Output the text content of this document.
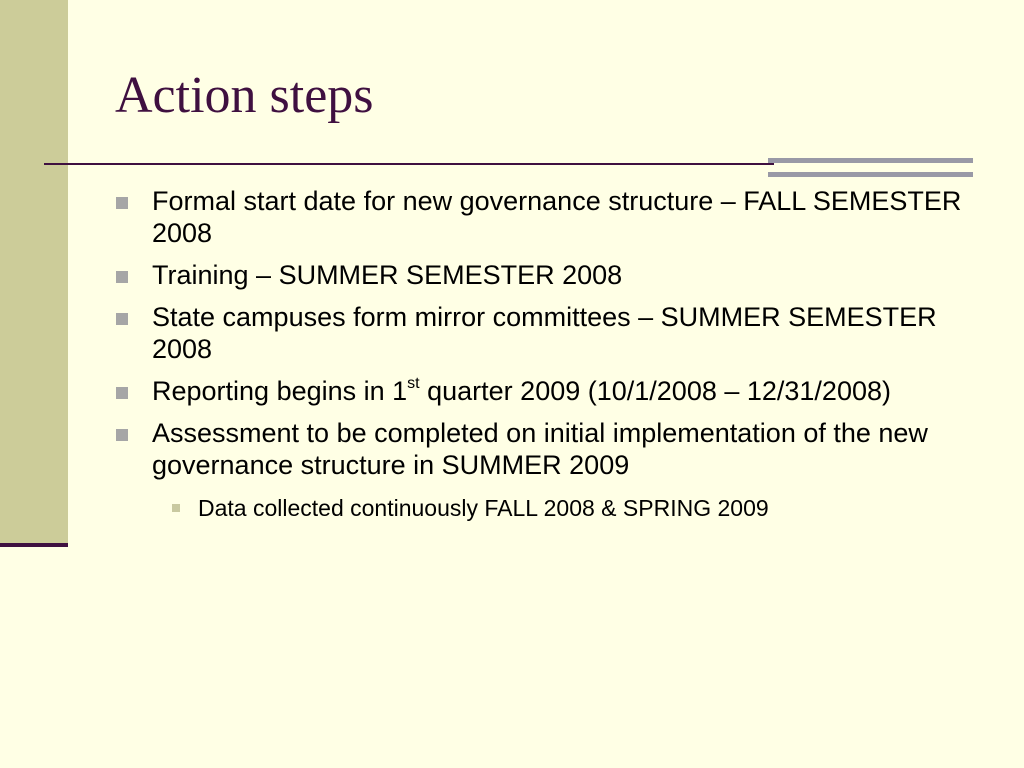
Action steps
Formal start date for new governance structure – FALL SEMESTER 2008
Training – SUMMER SEMESTER 2008
State campuses form mirror committees – SUMMER SEMESTER 2008
Reporting begins in 1st quarter 2009 (10/1/2008 – 12/31/2008)
Assessment to be completed on initial implementation of the new governance structure in SUMMER 2009
Data collected continuously FALL 2008 & SPRING 2009
